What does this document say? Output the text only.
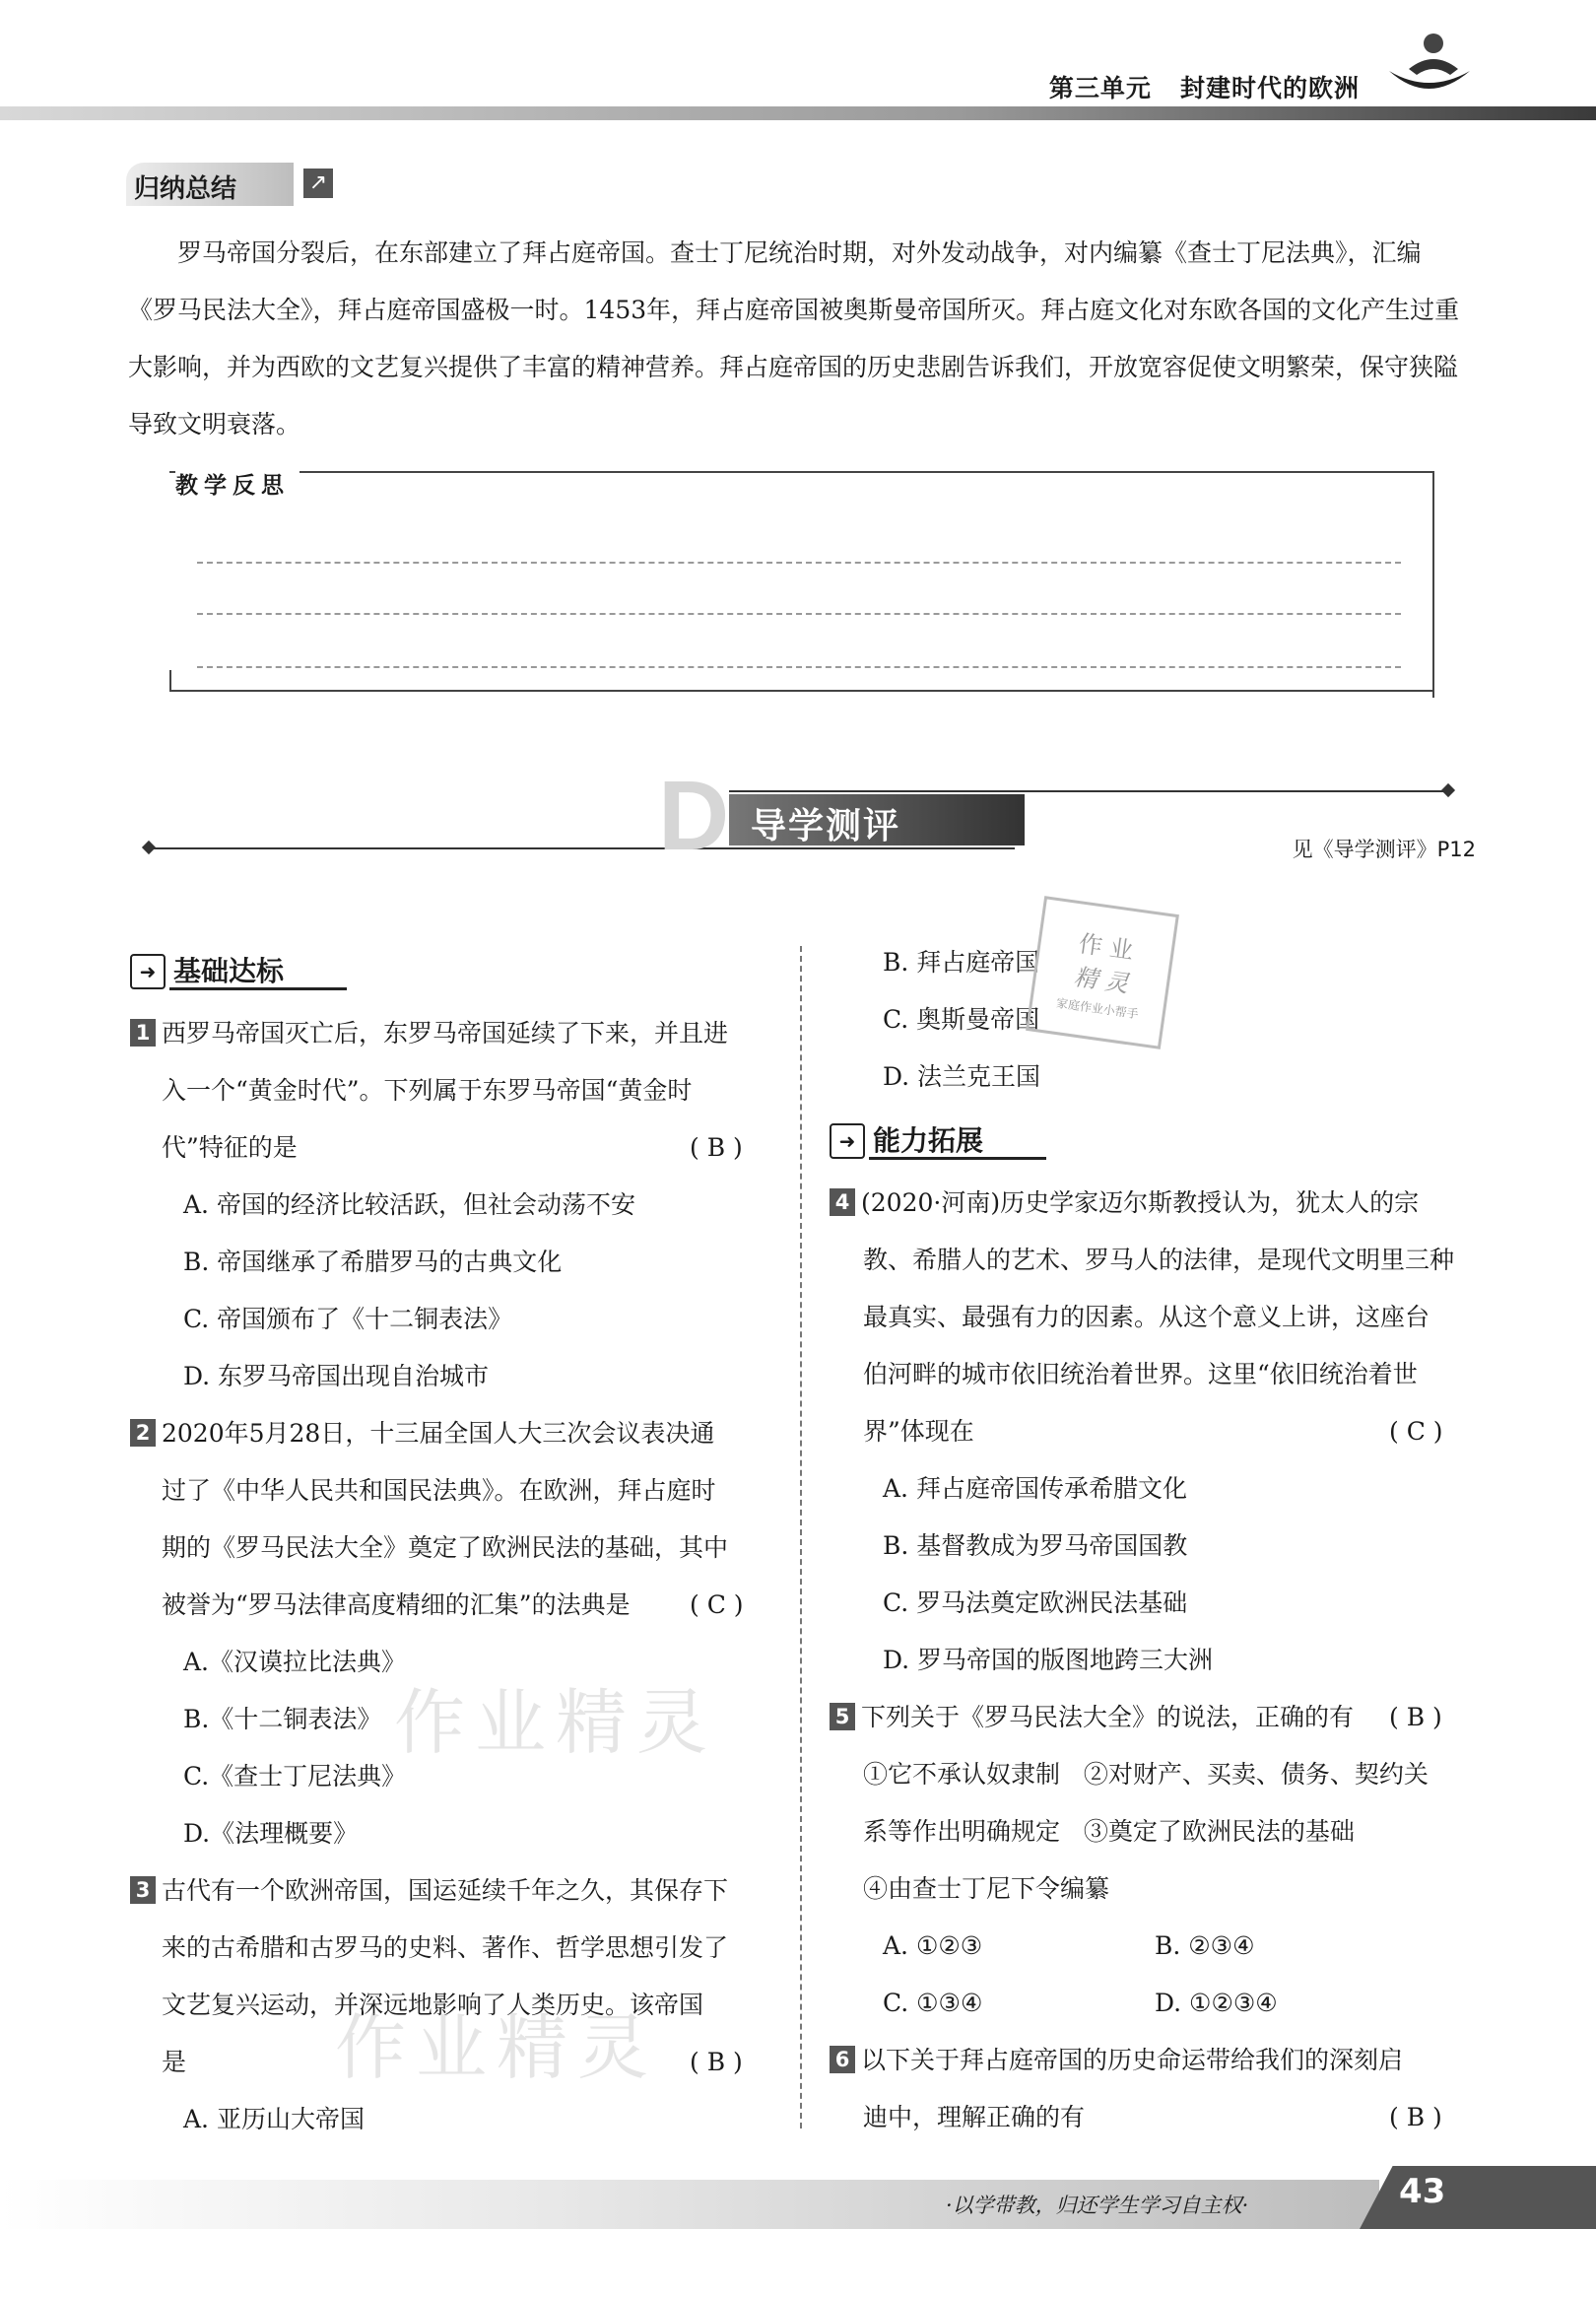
第三单元   封建时代的欧洲
归纳总结	↗
罗马帝国分裂后，在东部建立了拜占庭帝国。查士丁尼统治时期，对外发动战争，对内编纂《查士丁尼法典》，汇编《罗马民法大全》，拜占庭帝国盛极一时。1453年，拜占庭帝国被奥斯曼帝国所灭。拜占庭文化对东欧各国的文化产生过重大影响，并为西欧的文艺复兴提供了丰富的精神营养。拜占庭帝国的历史悲剧告诉我们，开放宽容促使文明繁荣，保守狭隘导致文明衰落。
教学反思
D 导学测评
见《导学测评》P12
➜ 基础达标
1 西罗马帝国灭亡后，东罗马帝国延续了下来，并且进
入一个“黄金时代”。下列属于东罗马帝国“黄金时
代”特征的是	( B )
A. 帝国的经济比较活跃，但社会动荡不安
B. 帝国继承了希腊罗马的古典文化
C. 帝国颁布了《十二铜表法》
D. 东罗马帝国出现自治城市
2 2020年5月28日，十三届全国人大三次会议表决通
过了《中华人民共和国民法典》。在欧洲，拜占庭时
期的《罗马民法大全》奠定了欧洲民法的基础，其中
被誉为“罗马法律高度精细的汇集”的法典是	( C )
A.《汉谟拉比法典》
B.《十二铜表法》
C.《查士丁尼法典》
D.《法理概要》
3 古代有一个欧洲帝国，国运延续千年之久，其保存下
来的古希腊和古罗马的史料、著作、哲学思想引发了
文艺复兴运动，并深远地影响了人类历史。该帝国
是	( B )
A. 亚历山大帝国
作业精灵
作业精灵
B. 拜占庭帝国
C. 奥斯曼帝国
D. 法兰克王国
作 业
精 灵
家庭作业小帮手
➜ 能力拓展
4 (2020·河南)历史学家迈尔斯教授认为，犹太人的宗
教、希腊人的艺术、罗马人的法律，是现代文明里三种
最真实、最强有力的因素。从这个意义上讲，这座台
伯河畔的城市依旧统治着世界。这里“依旧统治着世
界”体现在	( C )
A. 拜占庭帝国传承希腊文化
B. 基督教成为罗马帝国国教
C. 罗马法奠定欧洲民法基础
D. 罗马帝国的版图地跨三大洲
5 下列关于《罗马民法大全》的说法，正确的有	( B )
①它不承认奴隶制   ②对财产、买卖、债务、契约关
系等作出明确规定   ③奠定了欧洲民法的基础
④由查士丁尼下令编纂
A. ①②③	B. ②③④
C. ①③④	D. ①②③④
6 以下关于拜占庭帝国的历史命运带给我们的深刻启
迪中，理解正确的有	( B )
·以学带教，归还学生学习自主权·	43
